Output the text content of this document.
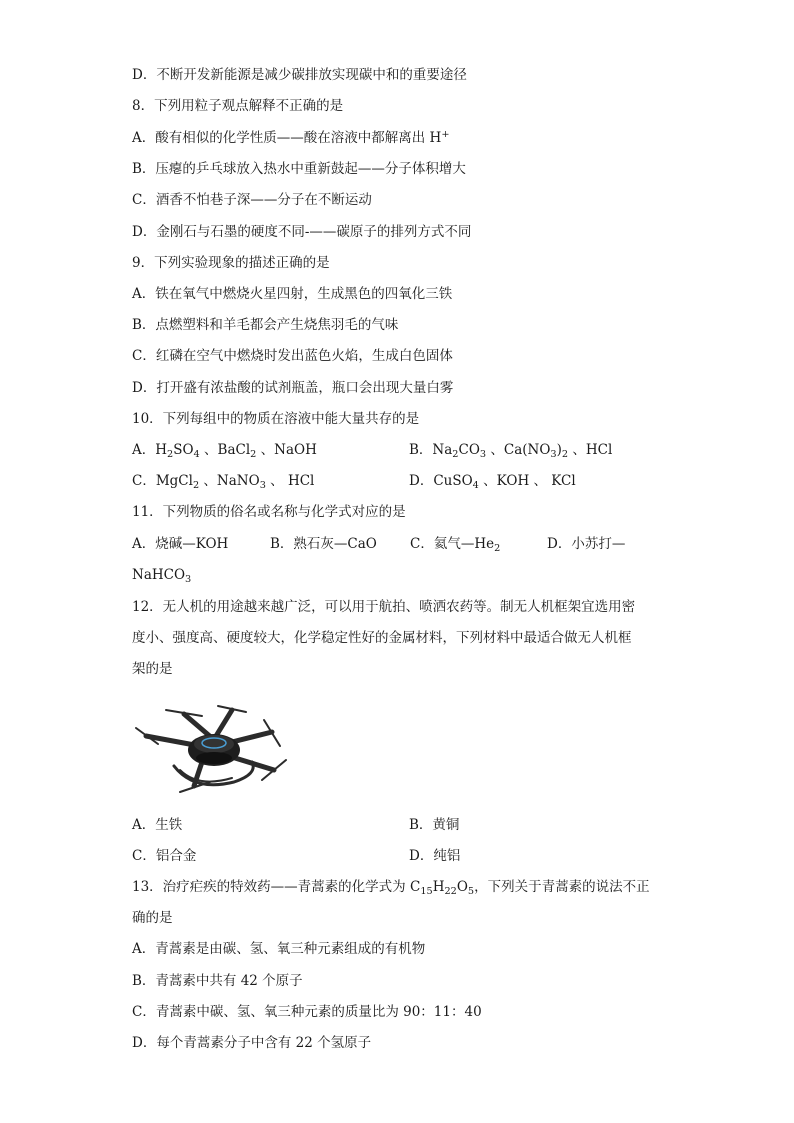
D．不断开发新能源是减少碳排放实现碳中和的重要途径
8．下列用粒子观点解释不正确的是
A．酸有相似的化学性质——酸在溶液中都解离出 H+
B．压瘪的乒乓球放入热水中重新鼓起——分子体积增大
C．酒香不怕巷子深——分子在不断运动
D．金刚石与石墨的硬度不同-——碳原子的排列方式不同
9．下列实验现象的描述正确的是
A．铁在氧气中燃烧火星四射，生成黑色的四氧化三铁
B．点燃塑料和羊毛都会产生烧焦羽毛的气味
C．红磷在空气中燃烧时发出蓝色火焰，生成白色固体
D．打开盛有浓盐酸的试剂瓶盖，瓶口会出现大量白雾
10．下列每组中的物质在溶液中能大量共存的是
A．$H_2SO_4$ 、BaCl$_2$ 、NaOH	B．$Na_2CO_3$ 、$Ca(NO_3)_2$ 、HCl
C．MgCl$_2$ 、NaNO$_3$ 、 HCl	D．CuSO$_4$ 、KOH 、 KCl
11．下列物质的俗名或名称与化学式对应的是
A．烧碱—KOH	B．熟石灰—CaO C．氦气$—He_2$	D．小苏打—
NaHCO$_3$
12．无人机的用途越来越广泛，可以用于航拍、喷洒农药等。制无人机框架宜选用密
度小、强度高、硬度较大，化学稳定性好的金属材料，下列材料中最适合做无人机框
架的是
A．生铁	B．黄铜
C．铝合金	D．纯铝
13．治疗疟疾的特效药——青蒿素的化学式为 $C_{15}H_{22}O_5$，下列关于青蒿素的说法不正
确的是
A．青蒿素是由碳、氢、氧三种元素组成的有机物
B．青蒿素中共有 42 个原子
C．青蒿素中碳、氢、氧三种元素的质量比为 90：11：40
D．每个青蒿素分子中含有 22 个氢原子
